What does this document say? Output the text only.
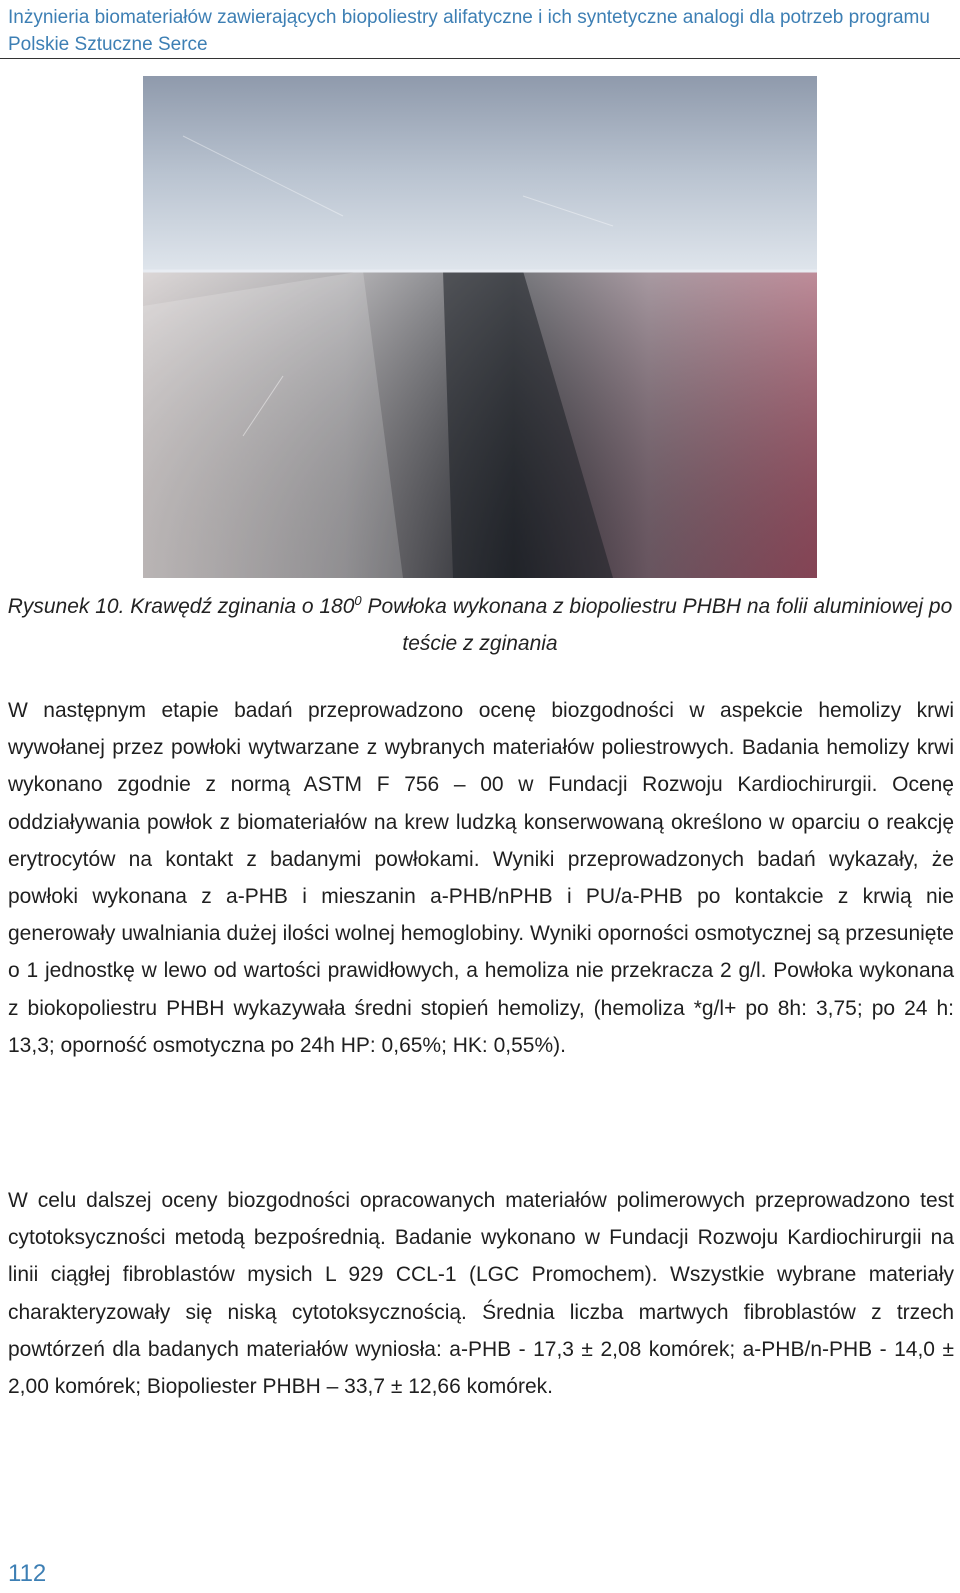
Inżynieria biomateriałów zawierających biopoliestry alifatyczne i ich syntetyczne analogi dla potrzeb programu Polskie Sztuczne Serce
Rysunek 10. Krawędź zginania o $180^0$ Powłoka wykonana z biopoliestru PHBH na folii aluminiowej po teście z zginania

W następnym etapie badań przeprowadzono ocenę biozgodności w aspekcie hemolizy krwi wywołanej przez powłoki wytwarzane z wybranych materiałów poliestrowych. Badania hemolizy krwi wykonano zgodnie z normą ASTM F 756 – 00 w Fundacji Rozwoju Kardiochirurgii. Ocenę oddziaływania powłok z biomateriałów na krew ludzką konserwowaną określono w oparciu o reakcję erytrocytów na kontakt z badanymi powłokami. Wyniki przeprowadzonych badań wykazały, że powłoki wykonana z a-PHB i mieszanin a-PHB/nPHB i PU/a-PHB po kontakcie z krwią nie generowały uwalniania dużej ilości wolnej hemoglobiny. Wyniki oporności osmotycznej są przesunięte o 1 jednostkę w lewo od wartości prawidłowych, a hemoliza nie przekracza 2 g/l. Powłoka wykonana z biokopoliestru PHBH wykazywała średni stopień hemolizy, (hemoliza *g/l+ po 8h: 3,75; po 24 h: 13,3; oporność osmotyczna po 24h HP: 0,65%; HK: 0,55%).

W celu dalszej oceny biozgodności opracowanych materiałów polimerowych przeprowadzono test cytotoksyczności metodą bezpośrednią. Badanie wykonano w Fundacji Rozwoju Kardiochirurgii na linii ciągłej fibroblastów mysich L 929 CCL-1 (LGC Promochem). Wszystkie wybrane materiały charakteryzowały się niską cytotoksycznością. Średnia liczba martwych fibroblastów z trzech powtórzeń dla badanych materiałów wyniosła: a-PHB - 17,3 ± 2,08 komórek; a-PHB/n-PHB - 14,0 ± 2,00 komórek; Biopoliester PHBH – 33,7 ± 12,66 komórek.

112
